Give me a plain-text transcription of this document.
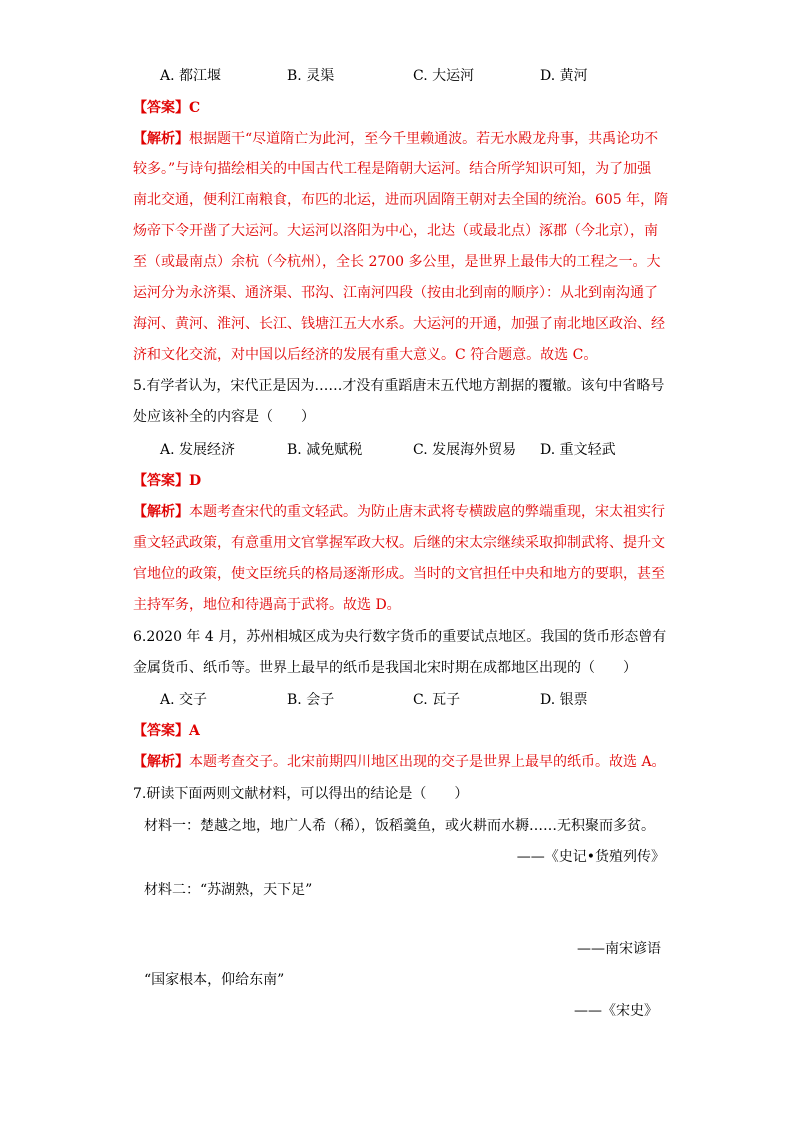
A. 都江堰	B. 灵渠	C. 大运河	D. 黄河
【答案】C
【解析】根据题干“尽道隋亡为此河，至今千里赖通波。若无水殿龙舟事，共禹论功不
较多。”与诗句描绘相关的中国古代工程是隋朝大运河。结合所学知识可知，为了加强
南北交通，便利江南粮食，布匹的北运，进而巩固隋王朝对去全国的统治。605 年，隋
炀帝下令开凿了大运河。大运河以洛阳为中心，北达（或最北点）涿郡（今北京），南
至（或最南点）余杭（今杭州），全长 2700 多公里，是世界上最伟大的工程之一。大
运河分为永济渠、通济渠、邗沟、江南河四段（按由北到南的顺序）：从北到南沟通了
海河、黄河、淮河、长江、钱塘江五大水系。大运河的开通，加强了南北地区政治、经
济和文化交流，对中国以后经济的发展有重大意义。C 符合题意。故选 C。
5.有学者认为，宋代正是因为……才没有重蹈唐末五代地方割据的覆辙。该句中省略号
处应该补全的内容是（　　）
A. 发展经济	B. 减免赋税	C. 发展海外贸易 D. 重文轻武
【答案】D
【解析】本题考查宋代的重文轻武。为防止唐末武将专横跋扈的弊端重现，宋太祖实行
重文轻武政策，有意重用文官掌握军政大权。后继的宋太宗继续采取抑制武将、提升文
官地位的政策，使文臣统兵的格局逐渐形成。当时的文官担任中央和地方的要职，甚至
主持军务，地位和待遇高于武将。故选 D。
6.2020 年 4 月，苏州相城区成为央行数字货币的重要试点地区。我国的货币形态曾有
金属货币、纸币等。世界上最早的纸币是我国北宋时期在成都地区出现的（　　）
A. 交子	B. 会子	C. 瓦子	D. 银票
【答案】A
【解析】本题考查交子。北宋前期四川地区出现的交子是世界上最早的纸币。故选 A。
7.研读下面两则文献材料，可以得出的结论是（　　）
材料一：楚越之地，地广人希（稀），饭稻羹鱼，或火耕而水耨……无积聚而多贫。
——《史记•货殖列传》
材料二：“苏湖熟，天下足”
——南宋谚语
“国家根本，仰给东南”
——《宋史》
